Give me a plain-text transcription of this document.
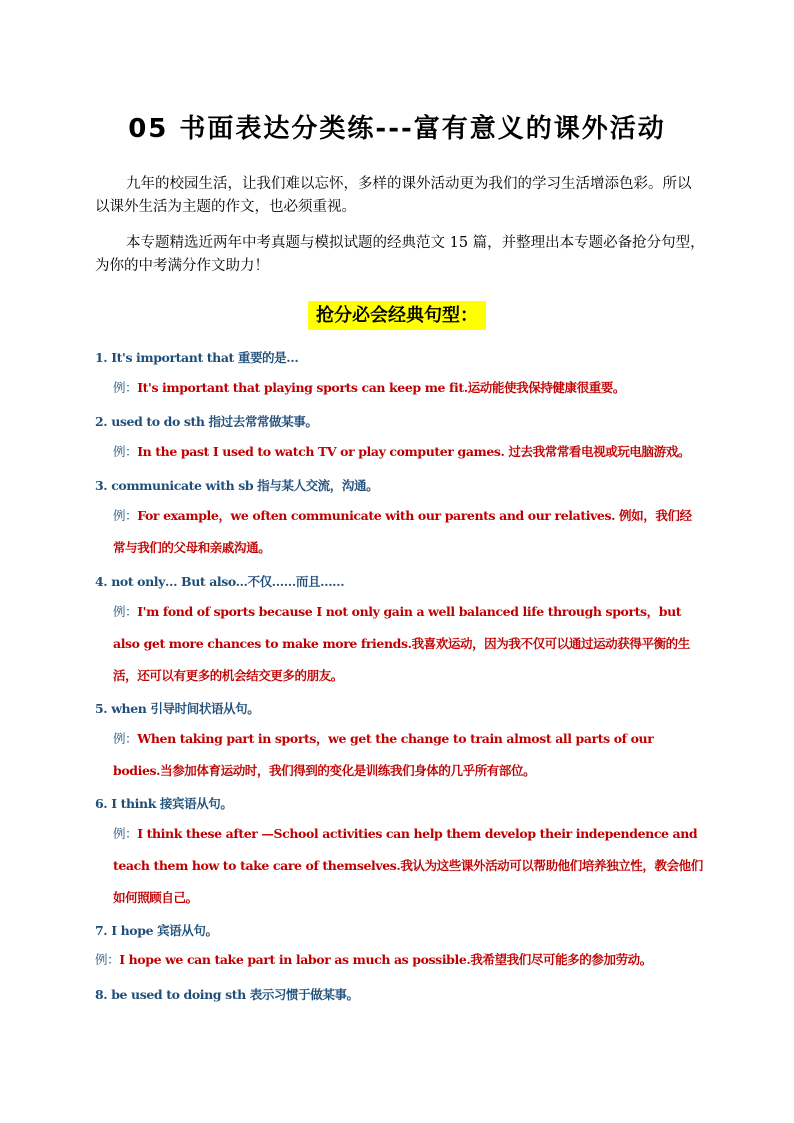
05 书面表达分类练---富有意义的课外活动

九年的校园生活，让我们难以忘怀，多样的课外活动更为我们的学习生活增添色彩。所以以课外生活为主题的作文，也必须重视。

本专题精选近两年中考真题与模拟试题的经典范文 15 篇，并整理出本专题必备抢分句型，为你的中考满分作文助力！

抢分必会经典句型：

1. It's important that 重要的是…

例：It's important that playing sports can keep me fit.运动能使我保持健康很重要。

2. used to do sth 指过去常常做某事。

例：In the past I used to watch TV or play computer games. 过去我常常看电视或玩电脑游戏。

3. communicate with sb 指与某人交流，沟通。

例：For example，we often communicate with our parents and our relatives. 例如，我们经常与我们的父母和亲戚沟通。

4. not only… But also...不仅……而且……

例：I'm fond of sports because I not only gain a well balanced life through sports，but also get more chances to make more friends.我喜欢运动，因为我不仅可以通过运动获得平衡的生活，还可以有更多的机会结交更多的朋友。

5. when 引导时间状语从句。

例：When taking part in sports，we get the change to train almost all parts of our bodies.当参加体育运动时，我们得到的变化是训练我们身体的几乎所有部位。

6. I think 接宾语从句。

例：I think these after —School activities can help them develop their independence and teach them how to take care of themselves.我认为这些课外活动可以帮助他们培养独立性，教会他们如何照顾自己。

7. I hope 宾语从句。

例：I hope we can take part in labor as much as possible.我希望我们尽可能多的参加劳动。

8. be used to doing sth 表示习惯于做某事。
